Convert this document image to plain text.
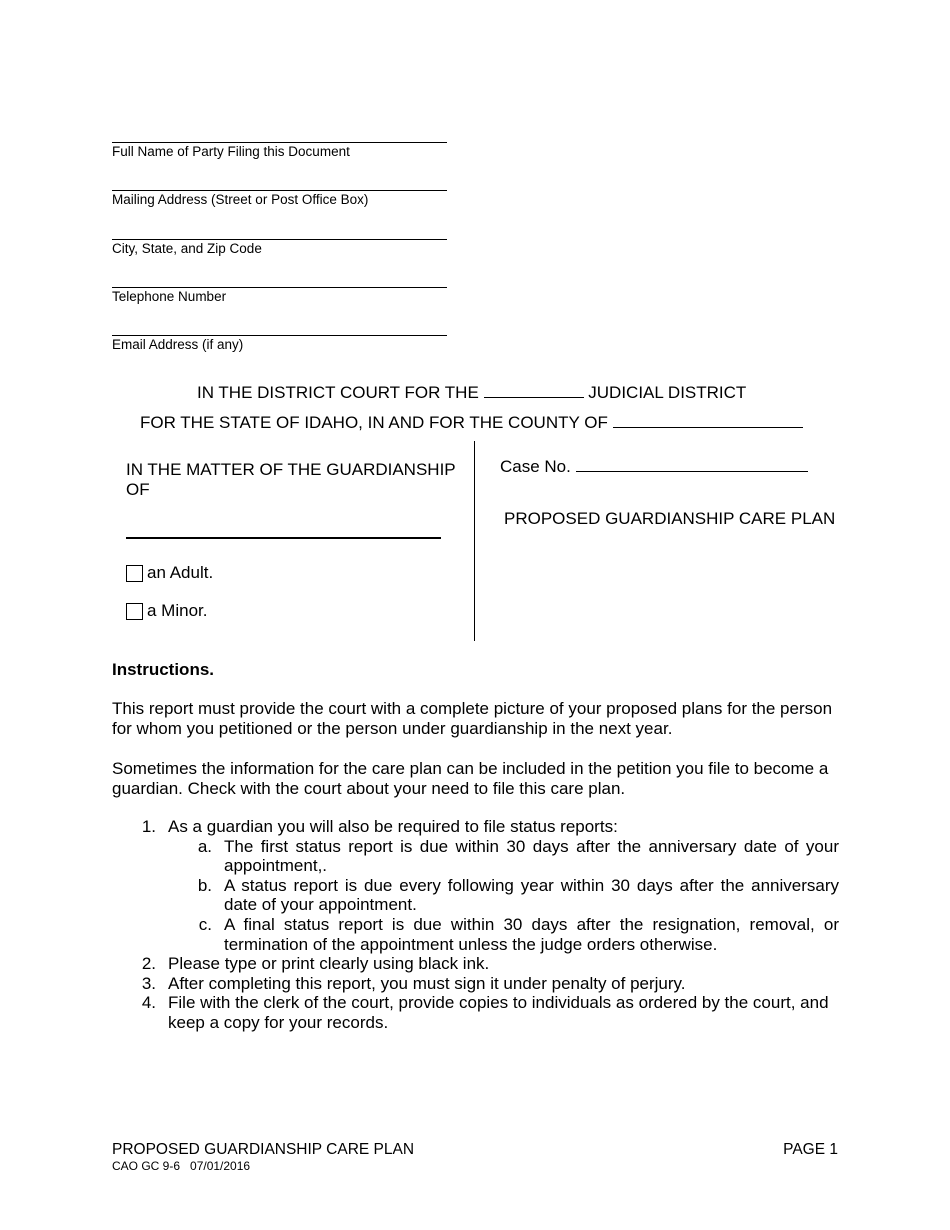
Full Name of Party Filing this Document
Mailing Address (Street or Post Office Box)
City, State, and Zip Code
Telephone Number
Email Address (if any)
IN THE DISTRICT COURT FOR THE	JUDICIAL DISTRICT
FOR THE STATE OF IDAHO, IN AND FOR THE COUNTY OF
IN THE MATTER OF THE GUARDIANSHIP OF
an Adult.
a Minor.
Case No.
PROPOSED GUARDIANSHIP CARE PLAN
Instructions.
This report must provide the court with a complete picture of your proposed plans for the person for whom you petitioned or the person under guardianship in the next year.
Sometimes the information for the care plan can be included in the petition you file to become a guardian. Check with the court about your need to file this care plan.
1. As a guardian you will also be required to file status reports:
a. The first status report is due within 30 days after the anniversary date of your appointment,.
b. A status report is due every following year within 30 days after the anniversary date of your appointment.
c. A final status report is due within 30 days after the resignation, removal, or termination of the appointment unless the judge orders otherwise.
2. Please type or print clearly using black ink.
3. After completing this report, you must sign it under penalty of perjury.
4. File with the clerk of the court, provide copies to individuals as ordered by the court, and keep a copy for your records.
PROPOSED GUARDIANSHIP CARE PLAN
CAO GC 9-6   07/01/2016
PAGE 1
